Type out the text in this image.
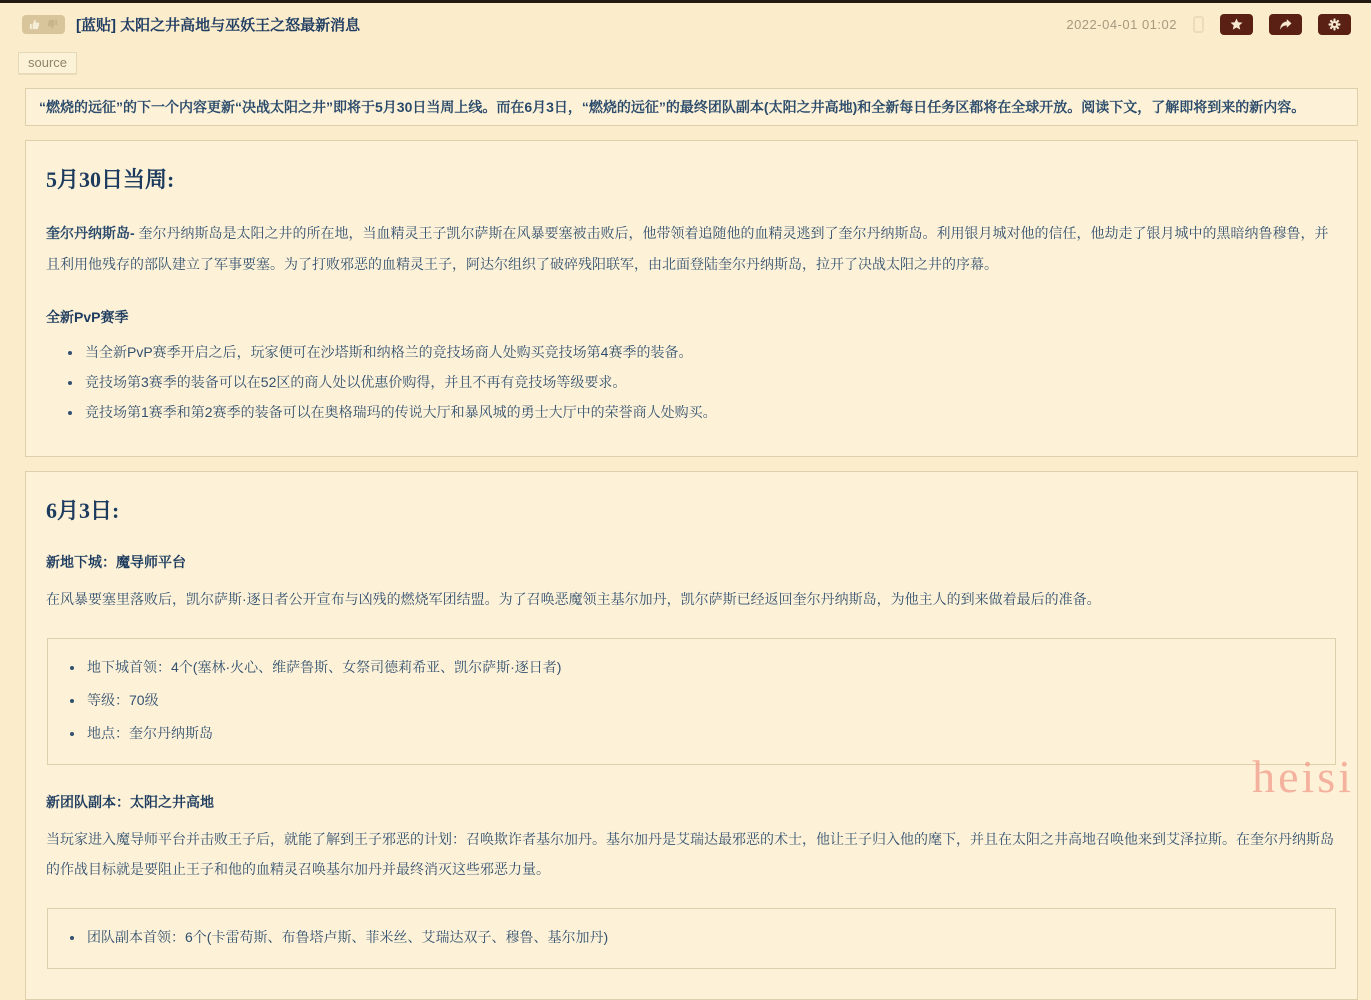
[蓝贴] 太阳之井高地与巫妖王之怒最新消息	2022-04-01 01:02
source
“燃烧的远征”的下一个内容更新“决战太阳之井”即将于5月30日当周上线。而在6月3日，“燃烧的远征”的最终团队副本(太阳之井高地)和全新每日任务区都将在全球开放。阅读下文，了解即将到来的新内容。
5月30日当周:

奎尔丹纳斯岛- 奎尔丹纳斯岛是太阳之井的所在地，当血精灵王子凯尔萨斯在风暴要塞被击败后，他带领着追随他的血精灵逃到了奎尔丹纳斯岛。利用银月城对他的信任，他劫走了银月城中的黑暗纳鲁穆鲁，并且利用他残存的部队建立了军事要塞。为了打败邪恶的血精灵王子，阿达尔组织了破碎残阳联军，由北面登陆奎尔丹纳斯岛，拉开了决战太阳之井的序幕。

全新PvP赛季
• 当全新PvP赛季开启之后，玩家便可在沙塔斯和纳格兰的竞技场商人处购买竞技场第4赛季的装备。
• 竞技场第3赛季的装备可以在52区的商人处以优惠价购得，并且不再有竞技场等级要求。
• 竞技场第1赛季和第2赛季的装备可以在奥格瑞玛的传说大厅和暴风城的勇士大厅中的荣誉商人处购买。
6月3日:
新地下城：魔导师平台

在风暴要塞里落败后，凯尔萨斯·逐日者公开宣布与凶残的燃烧军团结盟。为了召唤恶魔领主基尔加丹，凯尔萨斯已经返回奎尔丹纳斯岛，为他主人的到来做着最后的准备。

• 地下城首领：4个(塞林·火心、维萨鲁斯、女祭司德莉希亚、凯尔萨斯·逐日者)
• 等级：70级
• 地点：奎尔丹纳斯岛
新团队副本：太阳之井高地

当玩家进入魔导师平台并击败王子后，就能了解到王子邪恶的计划：召唤欺诈者基尔加丹。基尔加丹是艾瑞达最邪恶的术士，他让王子归入他的麾下，并且在太阳之井高地召唤他来到艾泽拉斯。在奎尔丹纳斯岛的作战目标就是要阻止王子和他的血精灵召唤基尔加丹并最终消灭这些邪恶力量。

• 团队副本首领：6个(卡雷苟斯、布鲁塔卢斯、菲米丝、艾瑞达双子、穆鲁、基尔加丹)
heisi
